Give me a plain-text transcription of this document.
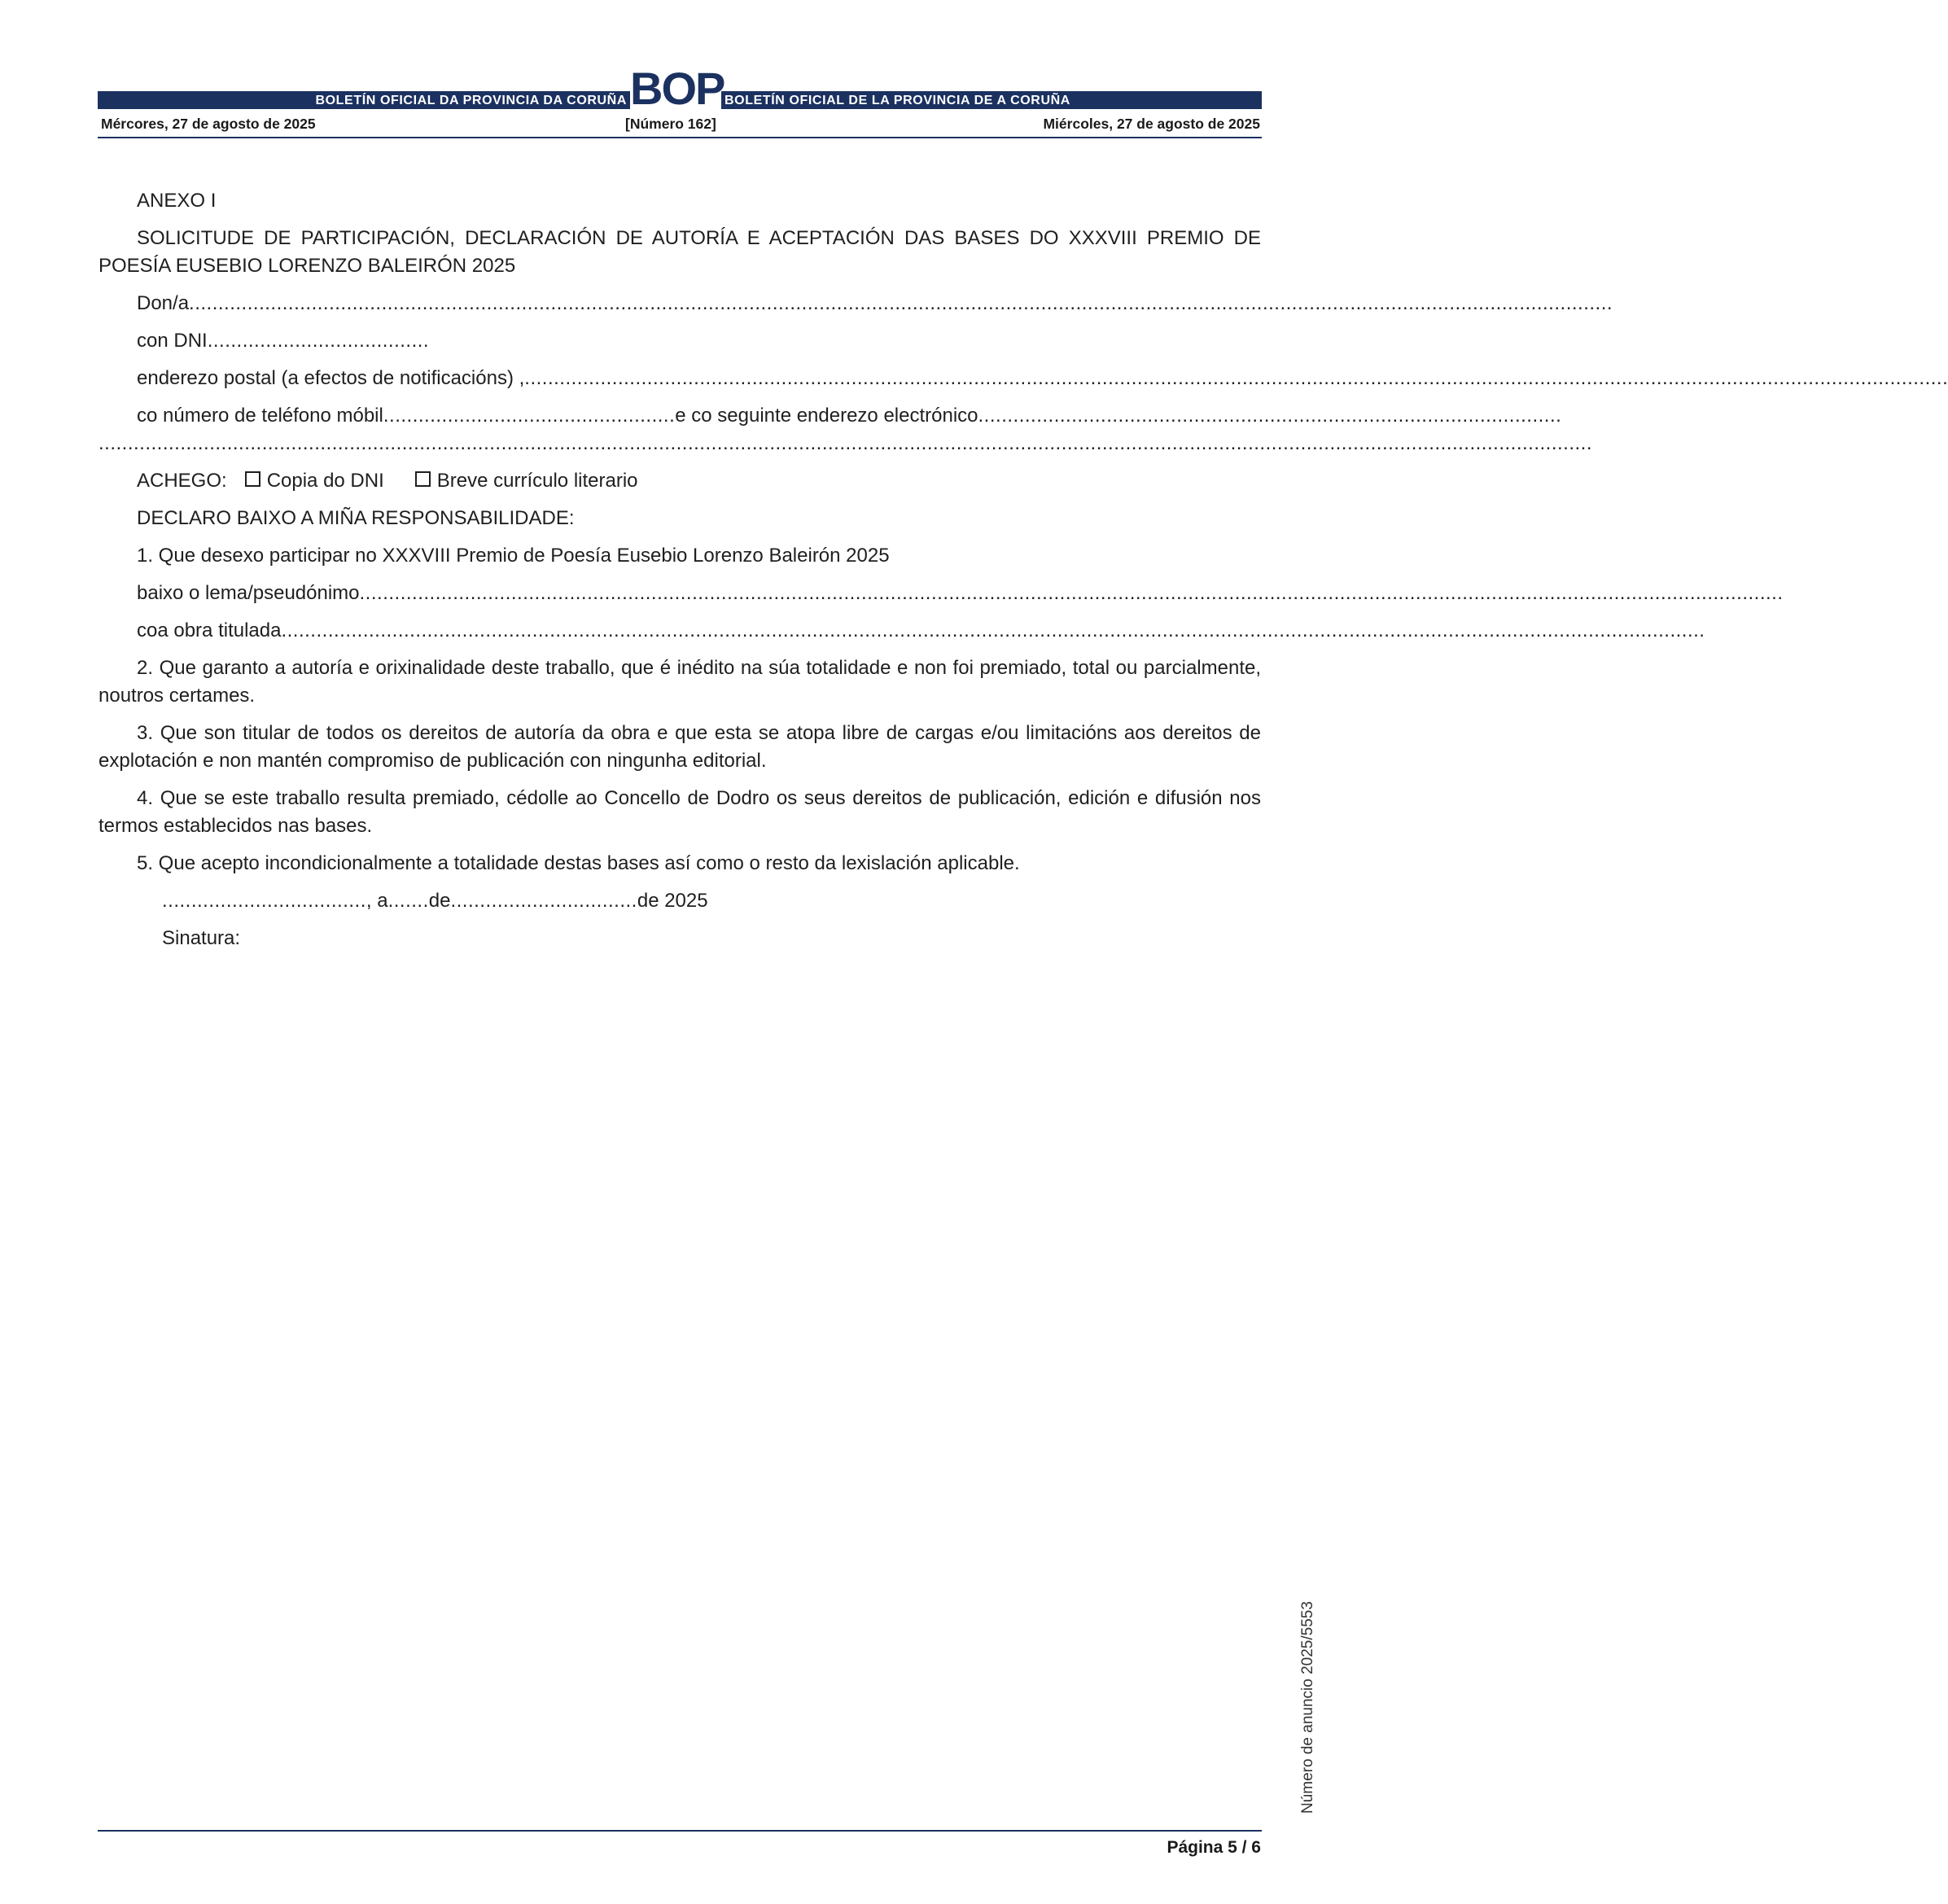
BOLETÍN OFICIAL DA PROVINCIA DA CORUÑA	BOLETÍN OFICIAL DE LA PROVINCIA DE A CORUÑA
BOP
Mércores, 27 de agosto de 2025	[Número 162]	Miércoles, 27 de agosto de 2025

ANEXO I

SOLICITUDE DE PARTICIPACIÓN, DECLARACIÓN DE AUTORÍA E ACEPTACIÓN DAS BASES DO XXXVIII PREMIO DE POESÍA EUSEBIO LORENZO BALEIRÓN 2025

Don/a ....................................................................................................................................................................................................................................................
con DNI ......................................
enderezo postal (a efectos de notificacións) , ....................................................................................................................................................................................................................................................
co número de teléfono móbil .................................................. e co seguinte enderezo electrónico ....................................................................................................
................................................................................................................................................................................................................................................................
ACHEGO: Copia do DNI	Breve currículo literario

DECLARO BAIXO A MIÑA RESPONSABILIDADE:

1. Que desexo participar no XXXVIII Premio de Poesía Eusebio Lorenzo Baleirón 2025

baixo o lema/pseudónimo ....................................................................................................................................................................................................................................................
coa obra titulada ....................................................................................................................................................................................................................................................

2. Que garanto a autoría e orixinalidade deste traballo, que é inédito na súa totalidade e non foi premiado, total ou parcialmente, noutros certames.

3. Que son titular de todos os dereitos de autoría da obra e que esta se atopa libre de cargas e/ou limitacións aos dereitos de explotación e non mantén compromiso de publicación con ningunha editorial.

4. Que se este traballo resulta premiado, cédolle ao Concello de Dodro os seus dereitos de publicación, edición e difusión nos termos establecidos nas bases.

5. Que acepto incondicionalmente a totalidade destas bases así como o resto da lexislación aplicable.

................................... , a ....... de ................................ de 2025
Sinatura:
Número de anuncio 2025/5553
Página 5 / 6
